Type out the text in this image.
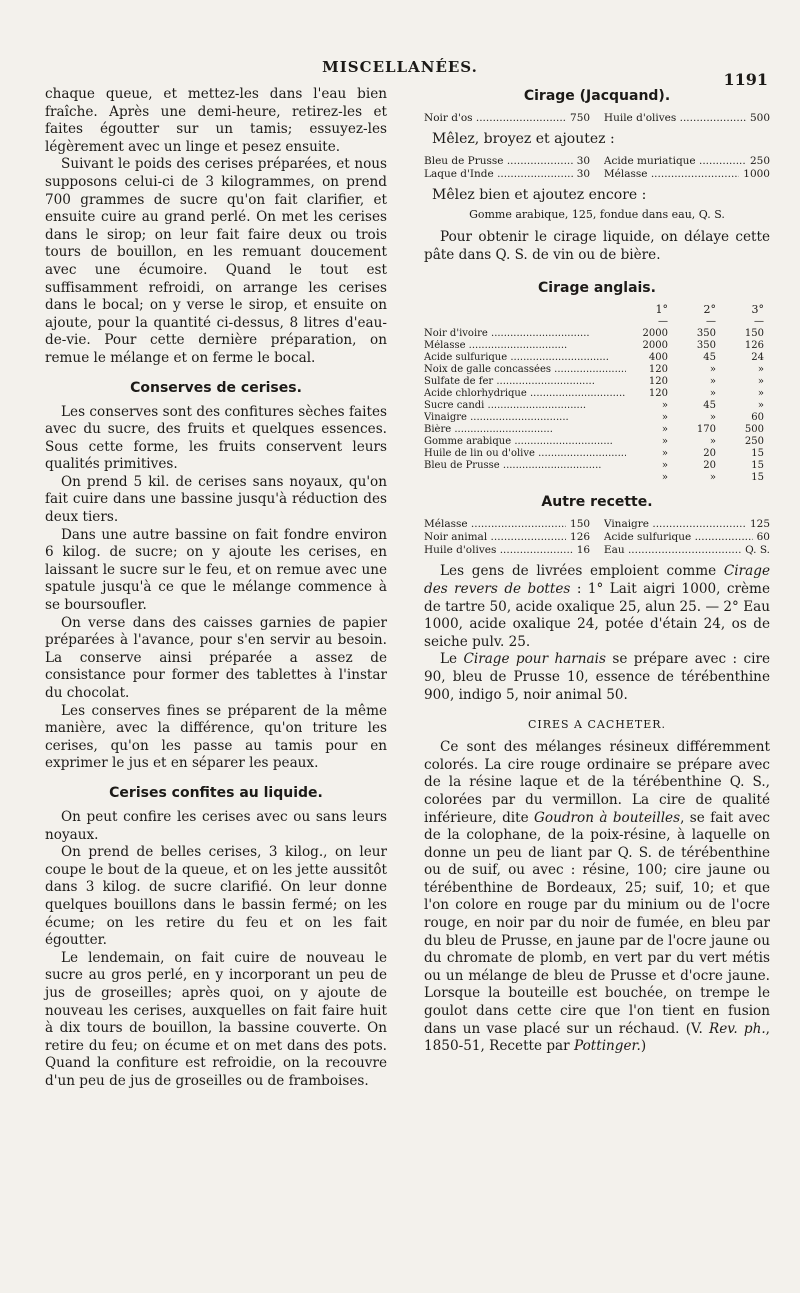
MISCELLANÉES.
1191

chaque queue, et mettez-les dans l'eau bien fraîche. Après une demi-heure, retirez-les et faites égoutter sur un tamis; essuyez-les légèrement avec un linge et pesez ensuite.

Suivant le poids des cerises préparées, et nous supposons celui-ci de 3 kilogrammes, on prend 700 grammes de sucre qu'on fait clarifier, et ensuite cuire au grand perlé. On met les cerises dans le sirop; on leur fait faire deux ou trois tours de bouillon, en les remuant doucement avec une écumoire. Quand le tout est suffisamment refroidi, on arrange les cerises dans le bocal; on y verse le sirop, et ensuite on ajoute, pour la quantité ci-dessus, 8 litres d'eau-de-vie. Pour cette dernière préparation, on remue le mélange et on ferme le bocal.

Conserves de cerises.

Les conserves sont des confitures sèches faites avec du sucre, des fruits et quelques essences. Sous cette forme, les fruits conservent leurs qualités primitives.

On prend 5 kil. de cerises sans noyaux, qu'on fait cuire dans une bassine jusqu'à réduction des deux tiers.

Dans une autre bassine on fait fondre environ 6 kilog. de sucre; on y ajoute les cerises, en laissant le sucre sur le feu, et on remue avec une spatule jusqu'à ce que le mélange commence à se boursoufler.

On verse dans des caisses garnies de papier préparées à l'avance, pour s'en servir au besoin. La conserve ainsi préparée a assez de consistance pour former des tablettes à l'instar du chocolat.

Les conserves fines se préparent de la même manière, avec la différence, qu'on triture les cerises, qu'on les passe au tamis pour en exprimer le jus et en séparer les peaux.

Cerises confites au liquide.

On peut confire les cerises avec ou sans leurs noyaux.

On prend de belles cerises, 3 kilog., on leur coupe le bout de la queue, et on les jette aussitôt dans 3 kilog. de sucre clarifié. On leur donne quelques bouillons dans le bassin fermé; on les écume; on les retire du feu et on les fait égoutter.

Le lendemain, on fait cuire de nouveau le sucre au gros perlé, en y incorporant un peu de jus de groseilles; après quoi, on y ajoute de nouveau les cerises, auxquelles on fait faire huit à dix tours de bouillon, la bassine couverte. On retire du feu; on écume et on met dans des pots. Quand la confiture est refroidie, on la recouvre d'un peu de jus de groseilles ou de framboises.

Cirage (Jacquand).
Noir d'os .....	750 Huile d'olives .....	500

Mêlez, broyez et ajoutez :

Bleu de Prusse .....	30 Acide muriatique .....	250
Laque d'Inde .....	30 Mélasse .....	1000

Mêlez bien et ajoutez encore :

Gomme arabique, 125, fondue dans eau, Q. S.

Pour obtenir le cirage liquide, on délaye cette pâte dans Q. S. de vin ou de bière.

Cirage anglais.
	1°	2°	3°
	—	—	—
Noir d'ivoire .....	2000	350	150
Mélasse .....	2000	350	126
Acide sulfurique .....	400	45	24
Noix de galle concassées .....	120	»	»
Sulfate de fer .....	120	»	»
Acide chlorhydrique .....	120	»	»
Sucre candi .....	»	45	»
Vinaigre .....	»	»	60
Bière .....	»	170	500
Gomme arabique .....	»	»	250
Huile de lin ou d'olive .....	»	20	15
Bleu de Prusse .....	»	20	15
	»	»	15
Autre recette.
Mélasse .....	150 Vinaigre .....	125
Noir animal .....	126 Acide sulfurique .....	60
Huile d'olives .....	16 Eau .....	Q. S.

Les gens de livrées emploient comme Cirage des revers de bottes : 1° Lait aigri 1000, crème de tartre 50, acide oxalique 25, alun 25. — 2° Eau 1000, acide oxalique 24, potée d'étain 24, os de seiche pulv. 25.

Le Cirage pour harnais se prépare avec : cire 90, bleu de Prusse 10, essence de térébenthine 900, indigo 5, noir animal 50.

CIRES A CACHETER.

Ce sont des mélanges résineux différemment colorés. La cire rouge ordinaire se prépare avec de la résine laque et de la térébenthine Q. S., colorées par du vermillon. La cire de qualité inférieure, dite Goudron à bouteilles, se fait avec de la colophane, de la poix-résine, à laquelle on donne un peu de liant par Q. S. de térébenthine ou de suif, ou avec : résine, 100; cire jaune ou térébenthine de Bordeaux, 25; suif, 10; et que l'on colore en rouge par du minium ou de l'ocre rouge, en noir par du noir de fumée, en bleu par du bleu de Prusse, en jaune par de l'ocre jaune ou du chromate de plomb, en vert par du vert métis ou un mélange de bleu de Prusse et d'ocre jaune. Lorsque la bouteille est bouchée, on trempe le goulot dans cette cire que l'on tient en fusion dans un vase placé sur un réchaud. (V. Rev. ph., 1850-51, Recette par Pottinger.)
